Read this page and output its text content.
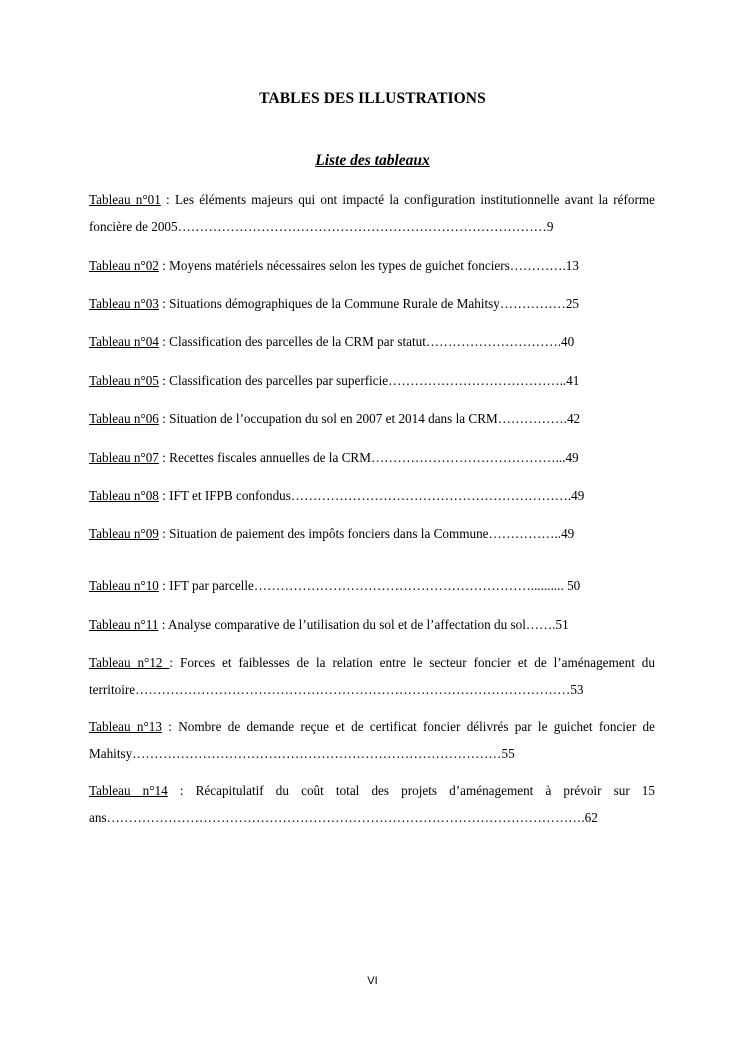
TABLES DES ILLUSTRATIONS
Liste des tableaux
Tableau n°01 : Les éléments majeurs qui ont impacté la configuration institutionnelle avant la réforme foncière de 2005…………………………………………………………………………9
Tableau n°02 : Moyens matériels nécessaires selon les types de guichet fonciers………….13
Tableau n°03 : Situations démographiques de la Commune Rurale de Mahitsy……………25
Tableau n°04 : Classification des parcelles de la CRM par statut………………………….40
Tableau n°05 : Classification des parcelles par superficie…………………………………..41
Tableau n°06 : Situation de l’occupation du sol en 2007 et 2014 dans la CRM…………….42
Tableau n°07 : Recettes fiscales annuelles de la CRM……………………………………...49
Tableau n°08 : IFT et IFPB confondus……………………………………………………….49
Tableau n°09 : Situation de paiement des impôts fonciers dans la Commune……………..49
Tableau n°10 : IFT par parcelle……………………………………………………….......... 50
Tableau n°11 : Analyse comparative de l’utilisation du sol et de l’affectation du sol…….51
Tableau n°12 : Forces et faiblesses de la relation entre le secteur foncier et de l’aménagement du territoire………………………………………………………………………………………53
Tableau n°13 : Nombre de demande reçue et de certificat foncier délivrés par le guichet foncier de Mahitsy…………………………………………………………………………55
Tableau n°14 : Récapitulatif du coût total des projets d’aménagement à prévoir sur 15 ans……………………………………………………………………………………………….62
VI
